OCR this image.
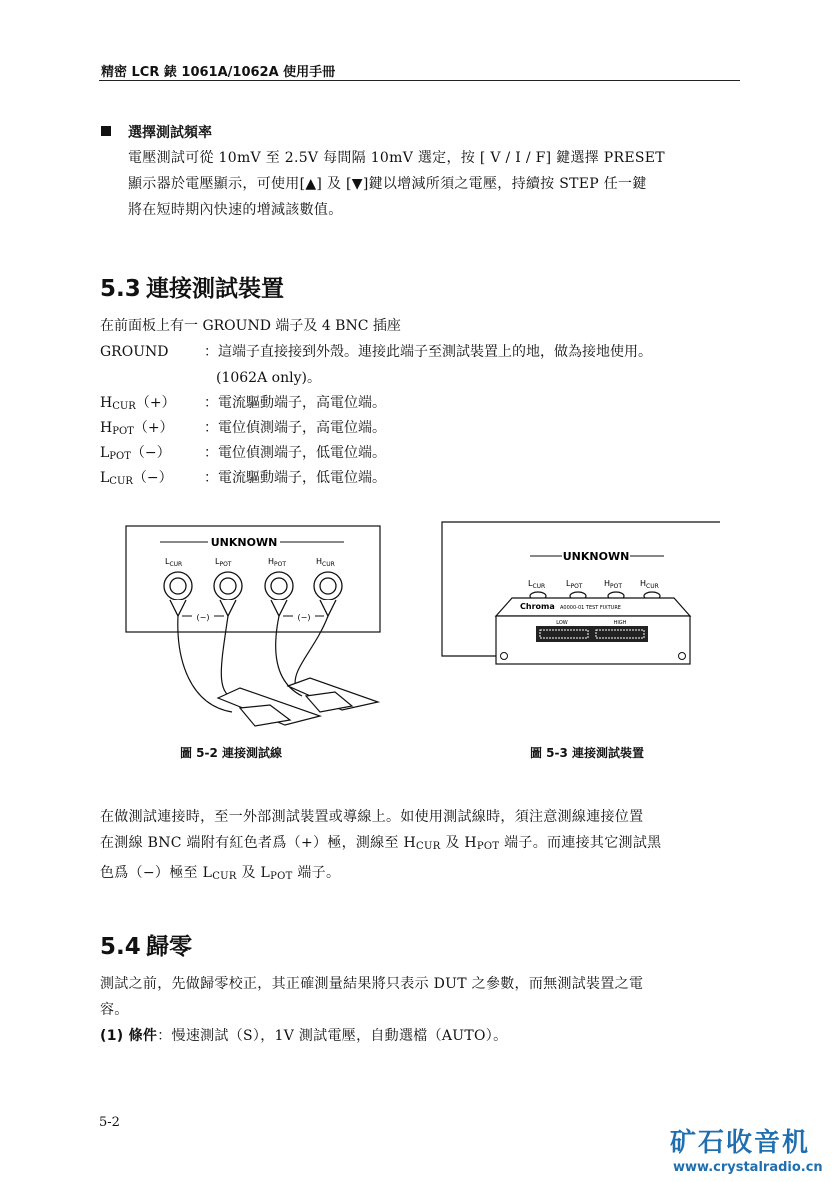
精密 LCR 錶 1061A/1062A 使用手冊
選擇測試頻率
電壓測試可從 10mV 至 2.5V 每間隔 10mV 選定，按 [ V / I / F] 鍵選擇 PRESET
顯示器於電壓顯示，可使用[▲] 及 [▼]鍵以增減所須之電壓，持續按 STEP 任一鍵
將在短時期內快速的增減該數值。
5.3 連接測試裝置
在前面板上有一 GROUND 端子及 4 BNC 插座
GROUND	：這端子直接接到外殼。連接此端子至測試裝置上的地，做為接地使用。
(1062A only)。
$H_{CUR}(+)$ ：電流驅動端子，高電位端。
$H_{POT}(+)$ ：電位偵測端子，高電位端。
$L_{POT}(-)$ ：電位偵測端子，低電位端。
$L_{CUR}(-)$ ：電流驅動端子，低電位端。
UNKNOWN
$L_{CUR}$	$L_{POT}$	$H_{POT}$	$H_{CUR}$
(−)	(−)
圖 5-2 連接測試線
UNKNOWN
$L_{CUR}$	$L_{POT}$	$H_{POT}$ $H_{CUR}$
Chroma A0000-01 TEST FIXTURE
LOW	HIGH
圖 5-3 連接測試裝置
在做測試連接時，至一外部測試裝置或導線上。如使用測試線時，須注意測線連接位置
在測線 BNC 端附有紅色者爲（+）極，測線至 $H_{CUR}$ 及 $H_{POT}$ 端子。而連接其它測試黑
色爲（−）極至 $L_{CUR}$ 及 $L_{POT}$ 端子。
5.4 歸零
測試之前，先做歸零校正，其正確測量結果將只表示 DUT 之參數，而無測試裝置之電
容。
(1) 條件：慢速測試（S），1V 測試電壓，自動選檔（AUTO）。
5-2
矿石收音机
www.crystalradio.cn
